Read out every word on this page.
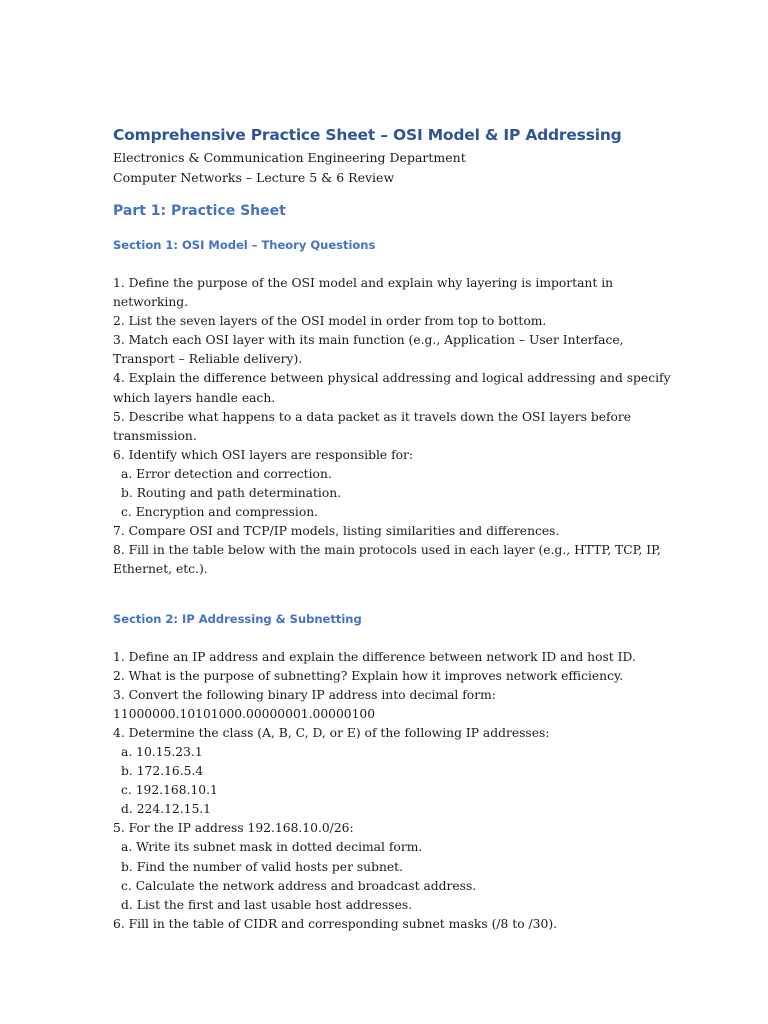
Comprehensive Practice Sheet – OSI Model & IP Addressing

Electronics & Communication Engineering Department

Computer Networks – Lecture 5 & 6 Review

Part 1: Practice Sheet
Section 1: OSI Model – Theory Questions

1. Define the purpose of the OSI model and explain why layering is important in networking.

2. List the seven layers of the OSI model in order from top to bottom.

3. Match each OSI layer with its main function (e.g., Application – User Interface, Transport – Reliable delivery).

4. Explain the difference between physical addressing and logical addressing and specify which layers handle each.

5. Describe what happens to a data packet as it travels down the OSI layers before transmission.

6. Identify which OSI layers are responsible for:

a. Error detection and correction.

b. Routing and path determination.

c. Encryption and compression.

7. Compare OSI and TCP/IP models, listing similarities and differences.

8. Fill in the table below with the main protocols used in each layer (e.g., HTTP, TCP, IP, Ethernet, etc.).

Section 2: IP Addressing & Subnetting

1. Define an IP address and explain the difference between network ID and host ID.

2. What is the purpose of subnetting? Explain how it improves network efficiency.

3. Convert the following binary IP address into decimal form:

11000000.10101000.00000001.00000100

4. Determine the class (A, B, C, D, or E) of the following IP addresses:

a. 10.15.23.1

b. 172.16.5.4

c. 192.168.10.1

d. 224.12.15.1

5. For the IP address 192.168.10.0/26:

a. Write its subnet mask in dotted decimal form.

b. Find the number of valid hosts per subnet.

c. Calculate the network address and broadcast address.

d. List the first and last usable host addresses.

6. Fill in the table of CIDR and corresponding subnet masks (/8 to /30).
